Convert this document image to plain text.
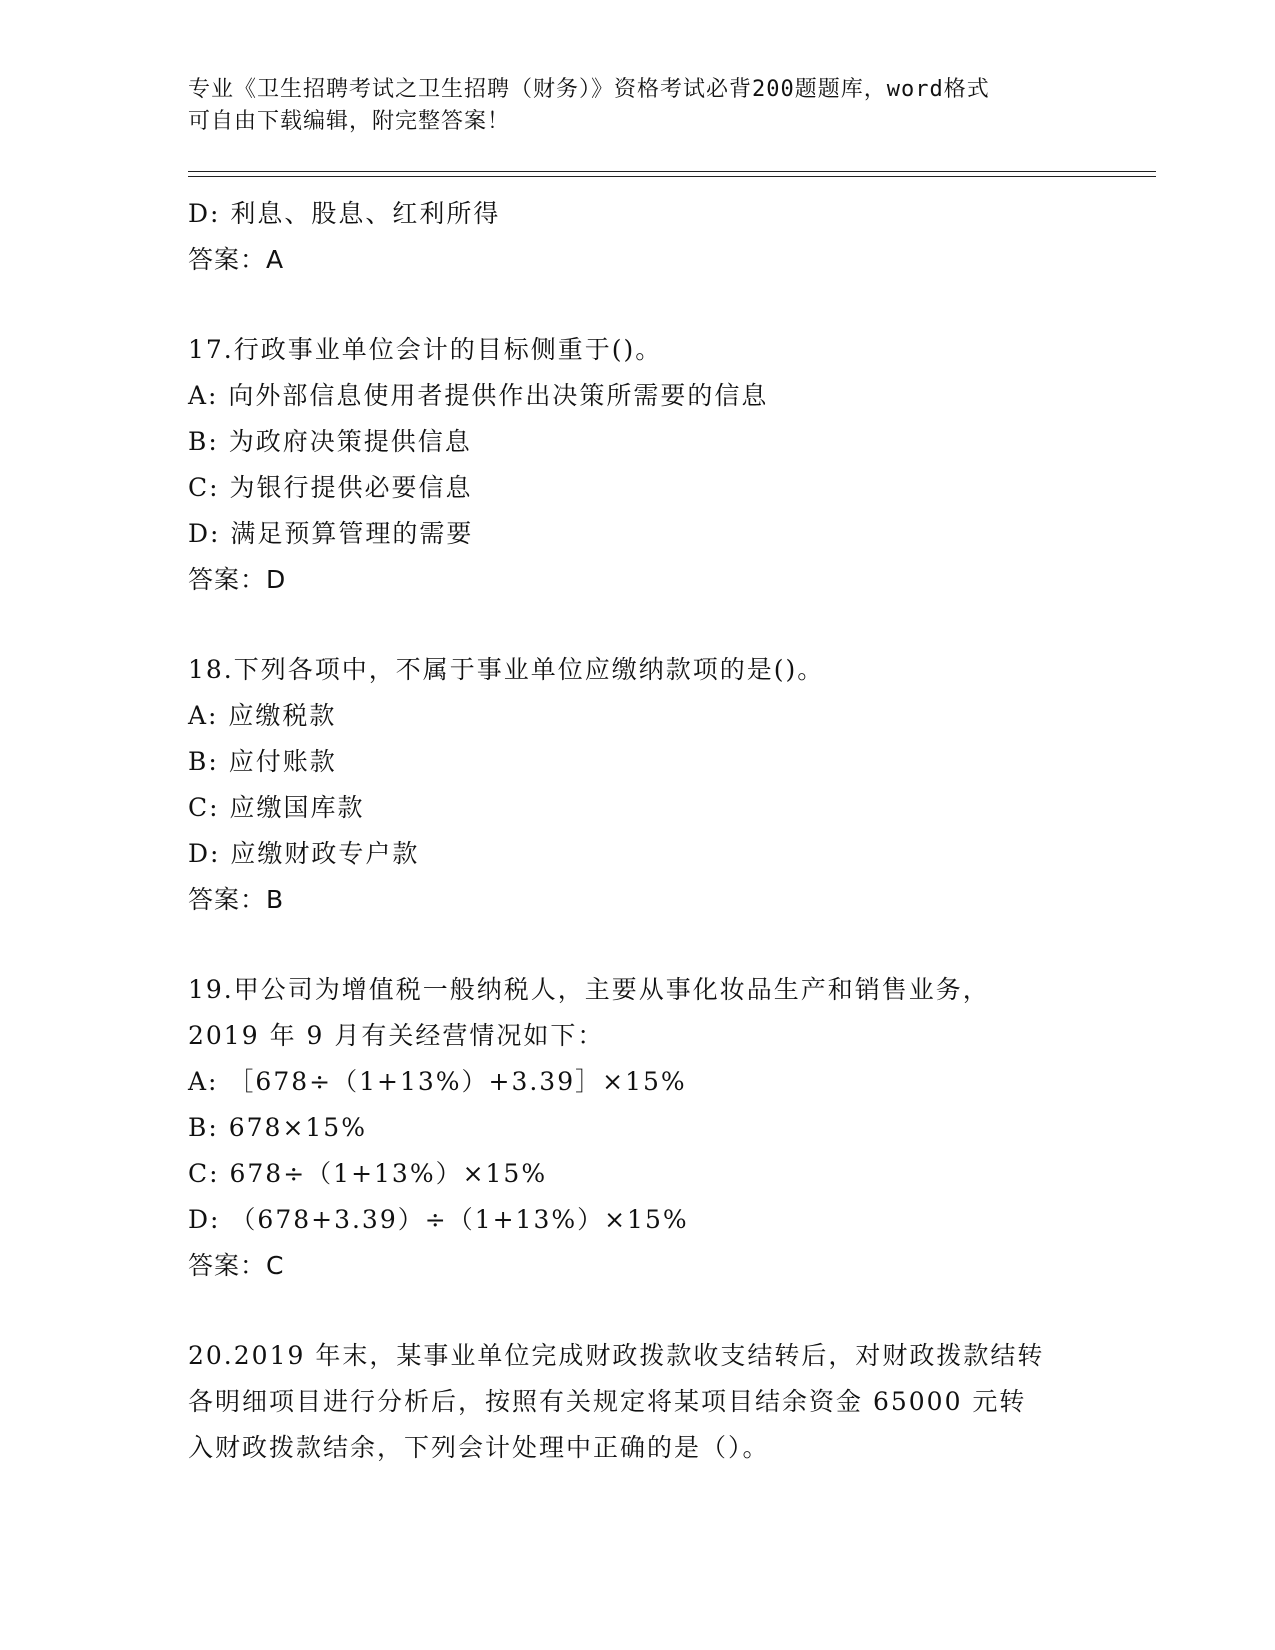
专业《卫生招聘考试之卫生招聘（财务）》资格考试必背200题题库，word格式
可自由下载编辑，附完整答案！
D: 利息、股息、红利所得
答案：A
17.行政事业单位会计的目标侧重于()。
A: 向外部信息使用者提供作出决策所需要的信息
B: 为政府决策提供信息
C: 为银行提供必要信息
D: 满足预算管理的需要
答案：D
18.下列各项中，不属于事业单位应缴纳款项的是()。
A: 应缴税款
B: 应付账款
C: 应缴国库款
D: 应缴财政专户款
答案：B
19.甲公司为增值税一般纳税人，主要从事化妆品生产和销售业务，
2019 年 9 月有关经营情况如下：
A: ［678÷（1+13%）+3.39］×15%
B: 678×15%
C: 678÷（1+13%）×15%
D: （678+3.39）÷（1+13%）×15%
答案：C
20.2019 年末，某事业单位完成财政拨款收支结转后，对财政拨款结转
各明细项目进行分析后，按照有关规定将某项目结余资金 65000 元转
入财政拨款结余，下列会计处理中正确的是（）。
